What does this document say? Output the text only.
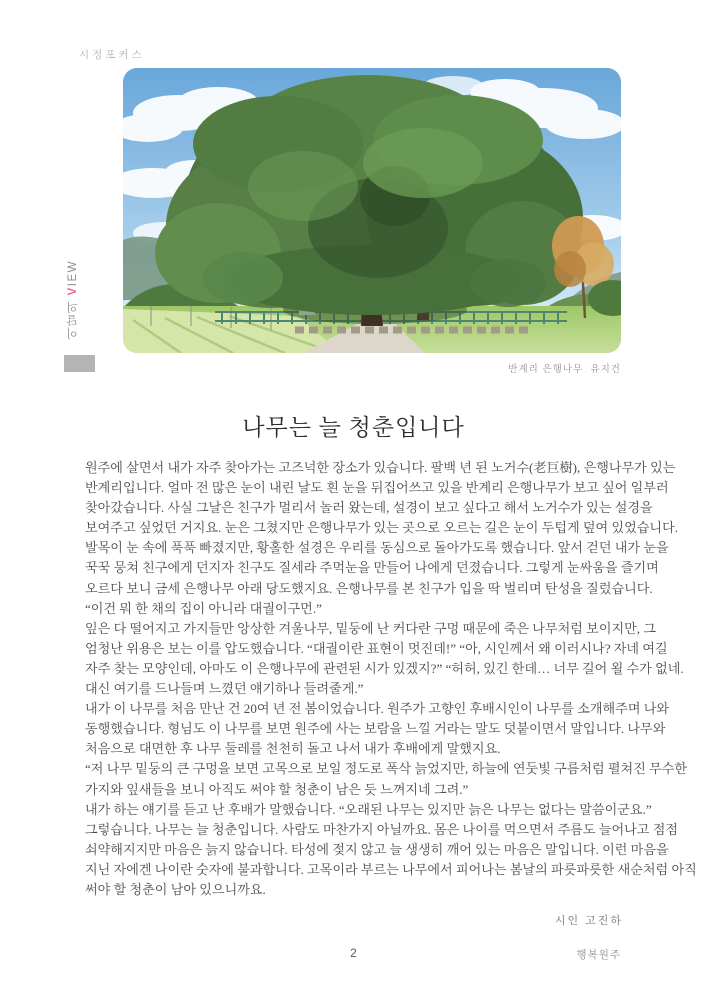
시정포커스
이달의 VIEW
반계리 은행나무  유지건
나무는 늘 청춘입니다
원주에 살면서 내가 자주 찾아가는 고즈넉한 장소가 있습니다. 팔백 년 된 노거수(老巨樹), 은행나무가 있는
반계리입니다. 얼마 전 많은 눈이 내린 날도 흰 눈을 뒤집어쓰고 있을 반계리 은행나무가 보고 싶어 일부러
찾아갔습니다. 사실 그날은 친구가 멀리서 놀러 왔는데, 설경이 보고 싶다고 해서 노거수가 있는 설경을
보여주고 싶었던 거지요. 눈은 그쳤지만 은행나무가 있는 곳으로 오르는 길은 눈이 두텁게 덮여 있었습니다.
발목이 눈 속에 푹푹 빠졌지만, 황홀한 설경은 우리를 동심으로 돌아가도록 했습니다. 앞서 걷던 내가 눈을
꾹꾹 뭉쳐 친구에게 던지자 친구도 질세라 주먹눈을 만들어 나에게 던졌습니다. 그렇게 눈싸움을 즐기며
오르다 보니 금세 은행나무 아래 당도했지요. 은행나무를 본 친구가 입을 딱 벌리며 탄성을 질렀습니다.
“이건 뭐 한 채의 집이 아니라 대궐이구먼.”
잎은 다 떨어지고 가지들만 앙상한 겨울나무, 밑둥에 난 커다란 구멍 때문에 죽은 나무처럼 보이지만, 그
엄청난 위용은 보는 이를 압도했습니다. “대궐이란 표현이 멋진데!” “아, 시인께서 왜 이러시나? 자네 여길
자주 찾는 모양인데, 아마도 이 은행나무에 관련된 시가 있겠지?” “허허, 있긴 한데… 너무 길어 욀 수가 없네.
대신 여기를 드나들며 느꼈던 얘기하나 들려줄게.”
내가 이 나무를 처음 만난 건 20여 년 전 봄이었습니다. 원주가 고향인 후배시인이 나무를 소개해주며 나와
동행했습니다. 형님도 이 나무를 보면 원주에 사는 보람을 느낄 거라는 말도 덧붙이면서 말입니다. 나무와
처음으로 대면한 후 나무 둘레를 천천히 돌고 나서 내가 후배에게 말했지요.
“저 나무 밑둥의 큰 구멍을 보면 고목으로 보일 정도로 폭삭 늙었지만, 하늘에 연둣빛 구름처럼 펼쳐진 무수한
가지와 잎새들을 보니 아직도 써야 할 청춘이 남은 듯 느껴지네 그려.”
내가 하는 얘기를 듣고 난 후배가 말했습니다. “오래된 나무는 있지만 늙은 나무는 없다는 말씀이군요.”
그렇습니다. 나무는 늘 청춘입니다. 사람도 마찬가지 아닐까요. 몸은 나이를 먹으면서 주름도 늘어나고 점점
쇠약해지지만 마음은 늙지 않습니다. 타성에 젖지 않고 늘 생생히 깨어 있는 마음은 말입니다. 이런 마음을
지닌 자에겐 나이란 숫자에 불과합니다. 고목이라 부르는 나무에서 피어나는 봄날의 파릇파릇한 새순처럼 아직
써야 할 청춘이 남아 있으니까요.
시인 고진하
2	행복원주
